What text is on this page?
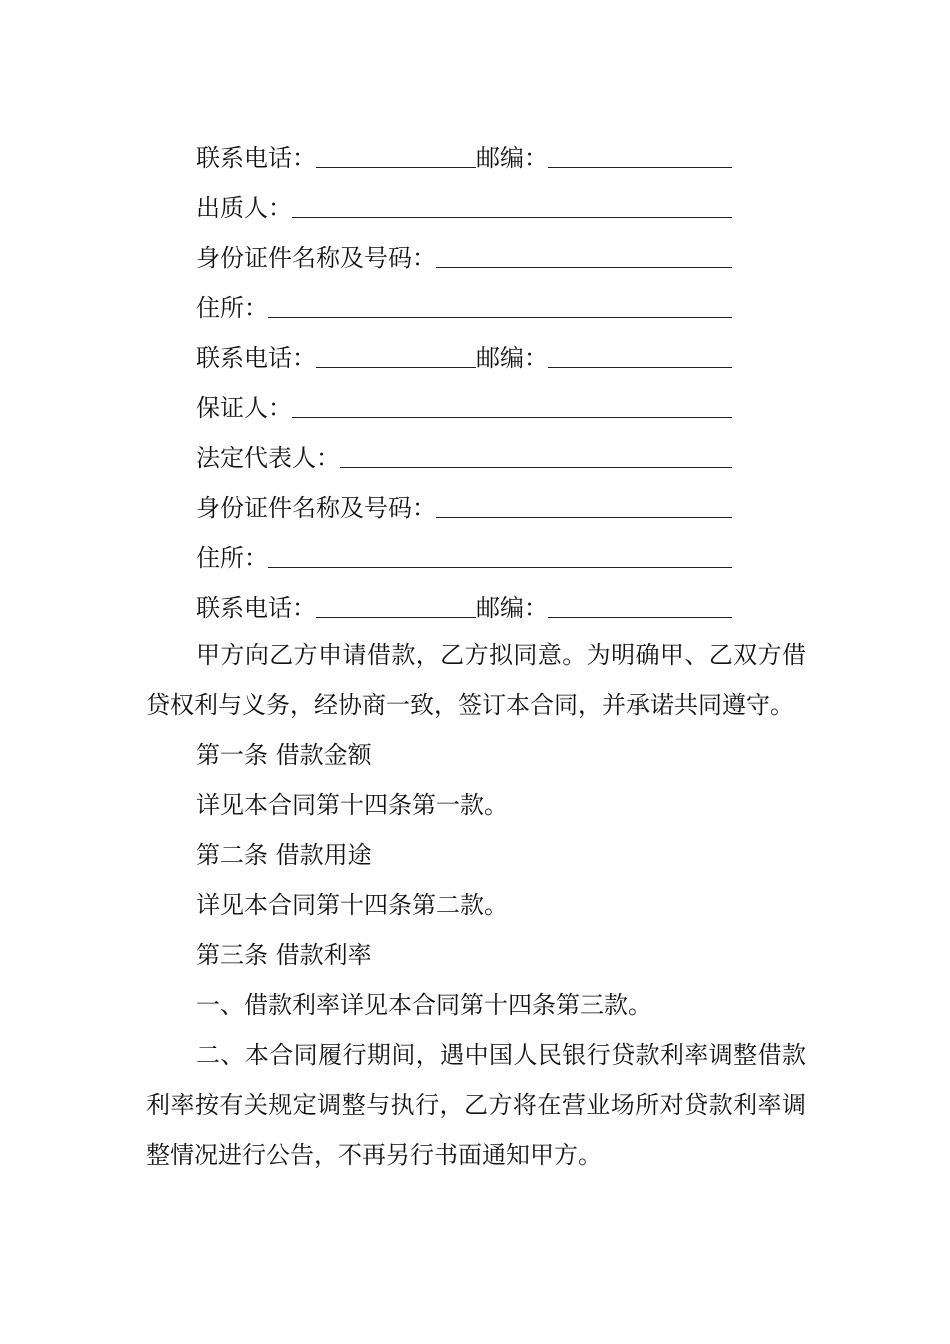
联系电话：	邮编：
出质人：
身份证件名称及号码：
住所：
联系电话：	邮编：
保证人：
法定代表人：
身份证件名称及号码：
住所：
联系电话：	邮编：

甲方向乙方申请借款，乙方拟同意。为明确甲、乙双方借贷权利与义务，经协商一致，签订本合同，并承诺共同遵守。

第一条 借款金额

详见本合同第十四条第一款。

第二条 借款用途

详见本合同第十四条第二款。

第三条 借款利率

一、借款利率详见本合同第十四条第三款。

二、本合同履行期间，遇中国人民银行贷款利率调整借款利率按有关规定调整与执行，乙方将在营业场所对贷款利率调整情况进行公告，不再另行书面通知甲方。
